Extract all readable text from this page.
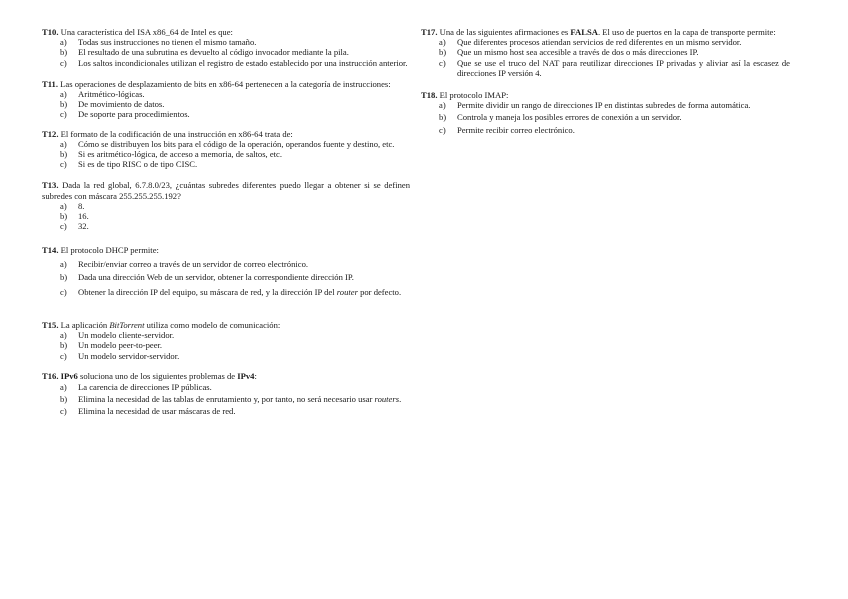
T10. Una característica del ISA x86_64 de Intel es que:
a) Todas sus instrucciones no tienen el mismo tamaño.
b) El resultado de una subrutina es devuelto al código invocador mediante la pila.
c) Los saltos incondicionales utilizan el registro de estado establecido por una instrucción anterior.
T11. Las operaciones de desplazamiento de bits en x86-64 pertenecen a la categoría de instrucciones:
a) Aritmético-lógicas.
b) De movimiento de datos.
c) De soporte para procedimientos.
T12. El formato de la codificación de una instrucción en x86-64 trata de:
a) Cómo se distribuyen los bits para el código de la operación, operandos fuente y destino, etc.
b) Si es aritmético-lógica, de acceso a memoria, de saltos, etc.
c) Si es de tipo RISC o de tipo CISC.
T13. Dada la red global, 6.7.8.0/23, ¿cuántas subredes diferentes puedo llegar a obtener si se definen subredes con máscara 255.255.255.192?
a) 8.
b) 16.
c) 32.
T14. El protocolo DHCP permite:
a) Recibir/enviar correo a través de un servidor de correo electrónico.
b) Dada una dirección Web de un servidor, obtener la correspondiente dirección IP.
c) Obtener la dirección IP del equipo, su máscara de red, y la dirección IP del router por defecto.
T15. La aplicación BitTorrent utiliza como modelo de comunicación:
a) Un modelo cliente-servidor.
b) Un modelo peer-to-peer.
c) Un modelo servidor-servidor.
T16. IPv6 soluciona uno de los siguientes problemas de IPv4:
a) La carencia de direcciones IP públicas.
b) Elimina la necesidad de las tablas de enrutamiento y, por tanto, no será necesario usar routers.
c) Elimina la necesidad de usar máscaras de red.
T17. Una de las siguientes afirmaciones es FALSA. El uso de puertos en la capa de transporte permite:
a) Que diferentes procesos atiendan servicios de red diferentes en un mismo servidor.
b) Que un mismo host sea accesible a través de dos o más direcciones IP.
c) Que se use el truco del NAT para reutilizar direcciones IP privadas y aliviar así la escasez de direcciones IP versión 4.
T18. El protocolo IMAP:
a) Permite dividir un rango de direcciones IP en distintas subredes de forma automática.
b) Controla y maneja los posibles errores de conexión a un servidor.
c) Permite recibir correo electrónico.
